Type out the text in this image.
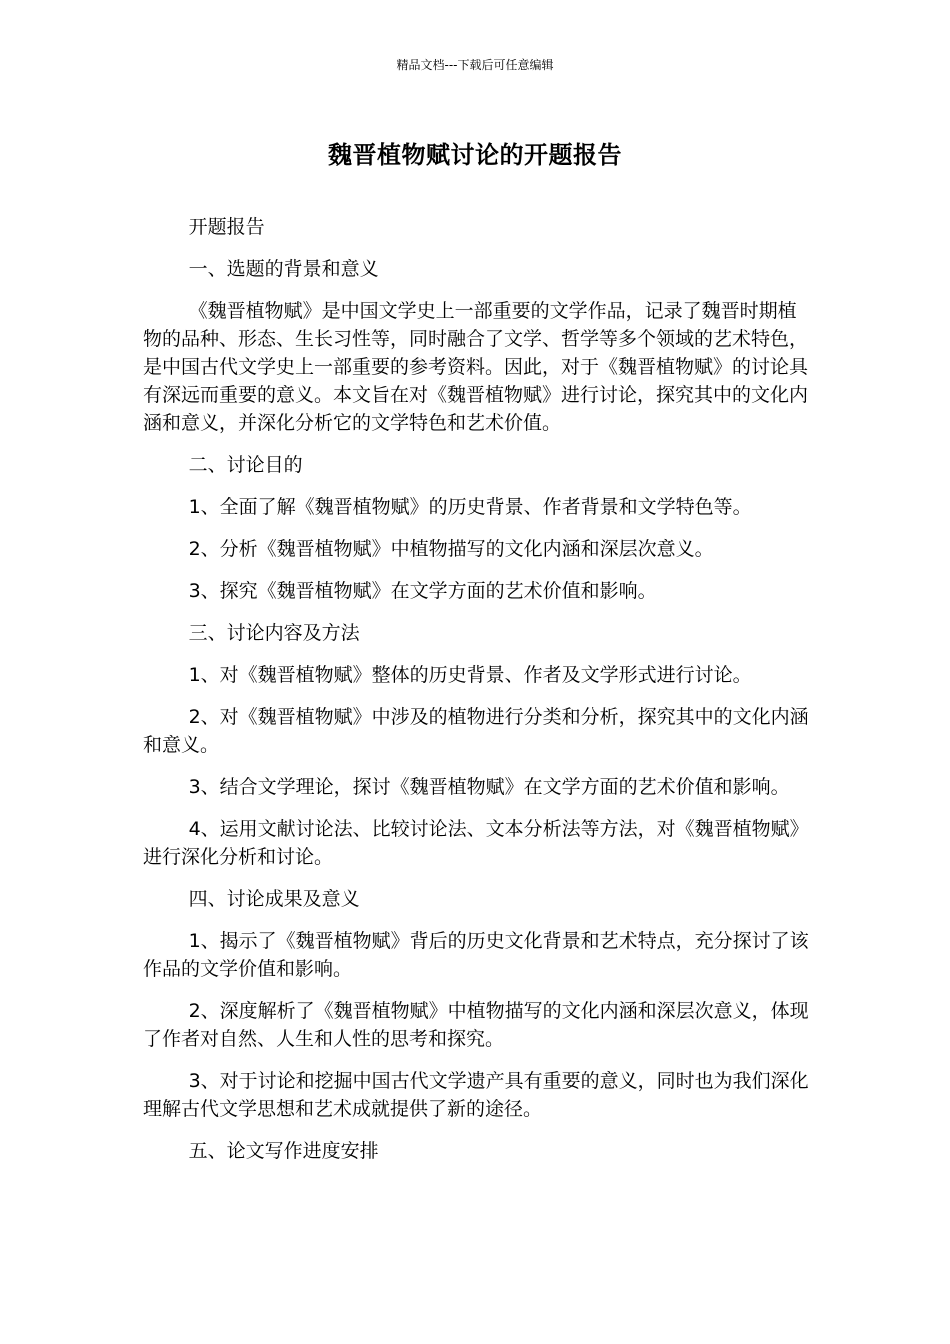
精品文档---下载后可任意编辑
魏晋植物赋讨论的开题报告

开题报告

一、选题的背景和意义

《魏晋植物赋》是中国文学史上一部重要的文学作品，记录了魏晋时期植物的品种、形态、生长习性等，同时融合了文学、哲学等多个领域的艺术特色，是中国古代文学史上一部重要的参考资料。因此，对于《魏晋植物赋》的讨论具有深远而重要的意义。本文旨在对《魏晋植物赋》进行讨论，探究其中的文化内涵和意义，并深化分析它的文学特色和艺术价值。

二、讨论目的

1、全面了解《魏晋植物赋》的历史背景、作者背景和文学特色等。

2、分析《魏晋植物赋》中植物描写的文化内涵和深层次意义。

3、探究《魏晋植物赋》在文学方面的艺术价值和影响。

三、讨论内容及方法

1、对《魏晋植物赋》整体的历史背景、作者及文学形式进行讨论。

2、对《魏晋植物赋》中涉及的植物进行分类和分析，探究其中的文化内涵和意义。

3、结合文学理论，探讨《魏晋植物赋》在文学方面的艺术价值和影响。

4、运用文献讨论法、比较讨论法、文本分析法等方法，对《魏晋植物赋》进行深化分析和讨论。

四、讨论成果及意义

1、揭示了《魏晋植物赋》背后的历史文化背景和艺术特点，充分探讨了该作品的文学价值和影响。

2、深度解析了《魏晋植物赋》中植物描写的文化内涵和深层次意义，体现了作者对自然、人生和人性的思考和探究。

3、对于讨论和挖掘中国古代文学遗产具有重要的意义，同时也为我们深化理解古代文学思想和艺术成就提供了新的途径。

五、论文写作进度安排
